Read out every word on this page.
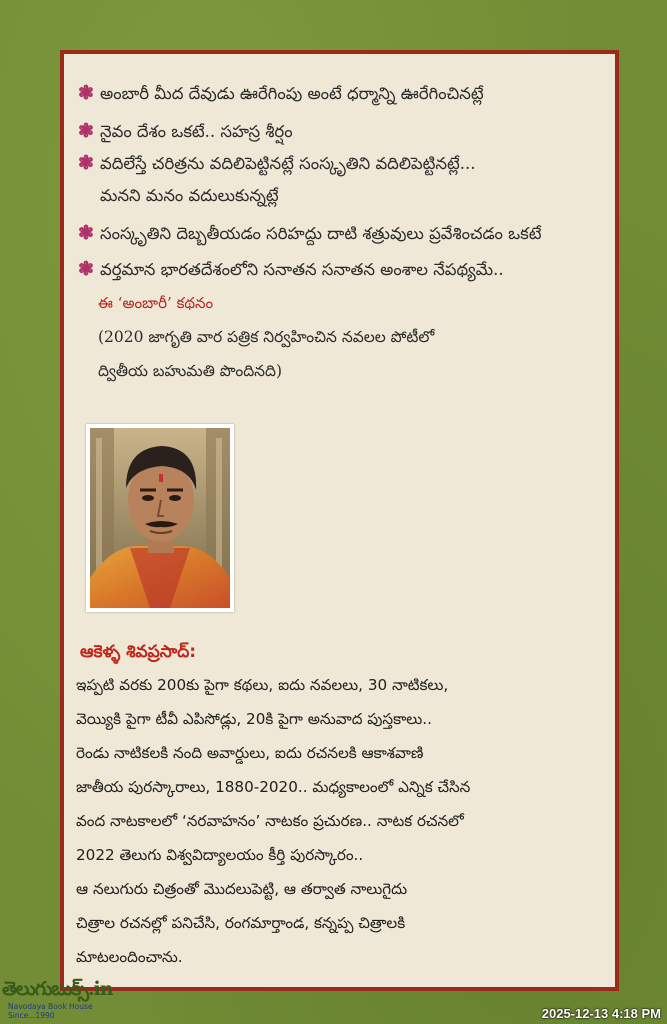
❃ అంబారీ మీద దేవుడు ఊరేగింపు అంటే ధర్మాన్ని ఊరేగించినట్లే
❃ నైవం దేశం ఒకటే.. సహస్ర శీర్షం
❃ వదిలేస్తే చరిత్రను వదిలిపెట్టినట్లే సంస్కృతిని వదిలిపెట్టినట్లే...
మనని మనం వదులుకున్నట్లే
❃ సంస్కృతిని దెబ్బతీయడం సరిహద్దు దాటి శత్రువులు ప్రవేశించడం ఒకటే
❃ వర్తమాన భారతదేశంలోని సనాతన సనాతన అంశాల నేపథ్యమే..
ఈ ‘అంబారీ’ కథనం
(2020 జాగృతి వార పత్రిక నిర్వహించిన నవలల పోటీలో
ద్వితీయ బహుమతి పొందినది)
ఆకెళ్ళ శివప్రసాద్:
ఇప్పటి వరకు 200కు పైగా కథలు, ఐదు నవలలు, 30 నాటికలు,
వెయ్యికి పైగా టీవీ ఎపిసోడ్లు, 20కి పైగా అనువాద పుస్తకాలు..
రెండు నాటికలకి నంది అవార్డులు, ఐదు రచనలకి ఆకాశవాణి
జాతీయ పురస్కారాలు, 1880-2020.. మధ్యకాలంలో ఎన్నిక చేసిన
వంద నాటకాలలో ‘నరవాహనం’ నాటకం ప్రచురణ.. నాటక రచనలో
2022 తెలుగు విశ్వవిద్యాలయం కీర్తి పురస్కారం..
ఆ నలుగురు చిత్రంతో మొదలుపెట్టి, ఆ తర్వాత నాలుగైదు
చిత్రాల రచనల్లో పనిచేసి, రంగమార్తాండ, కన్నప్ప చిత్రాలకి
మాటలందించాను.
తెలుగుబుక్స్.in
Navodaya Book House
Since...1990	2025-12-13 4:18 PM
